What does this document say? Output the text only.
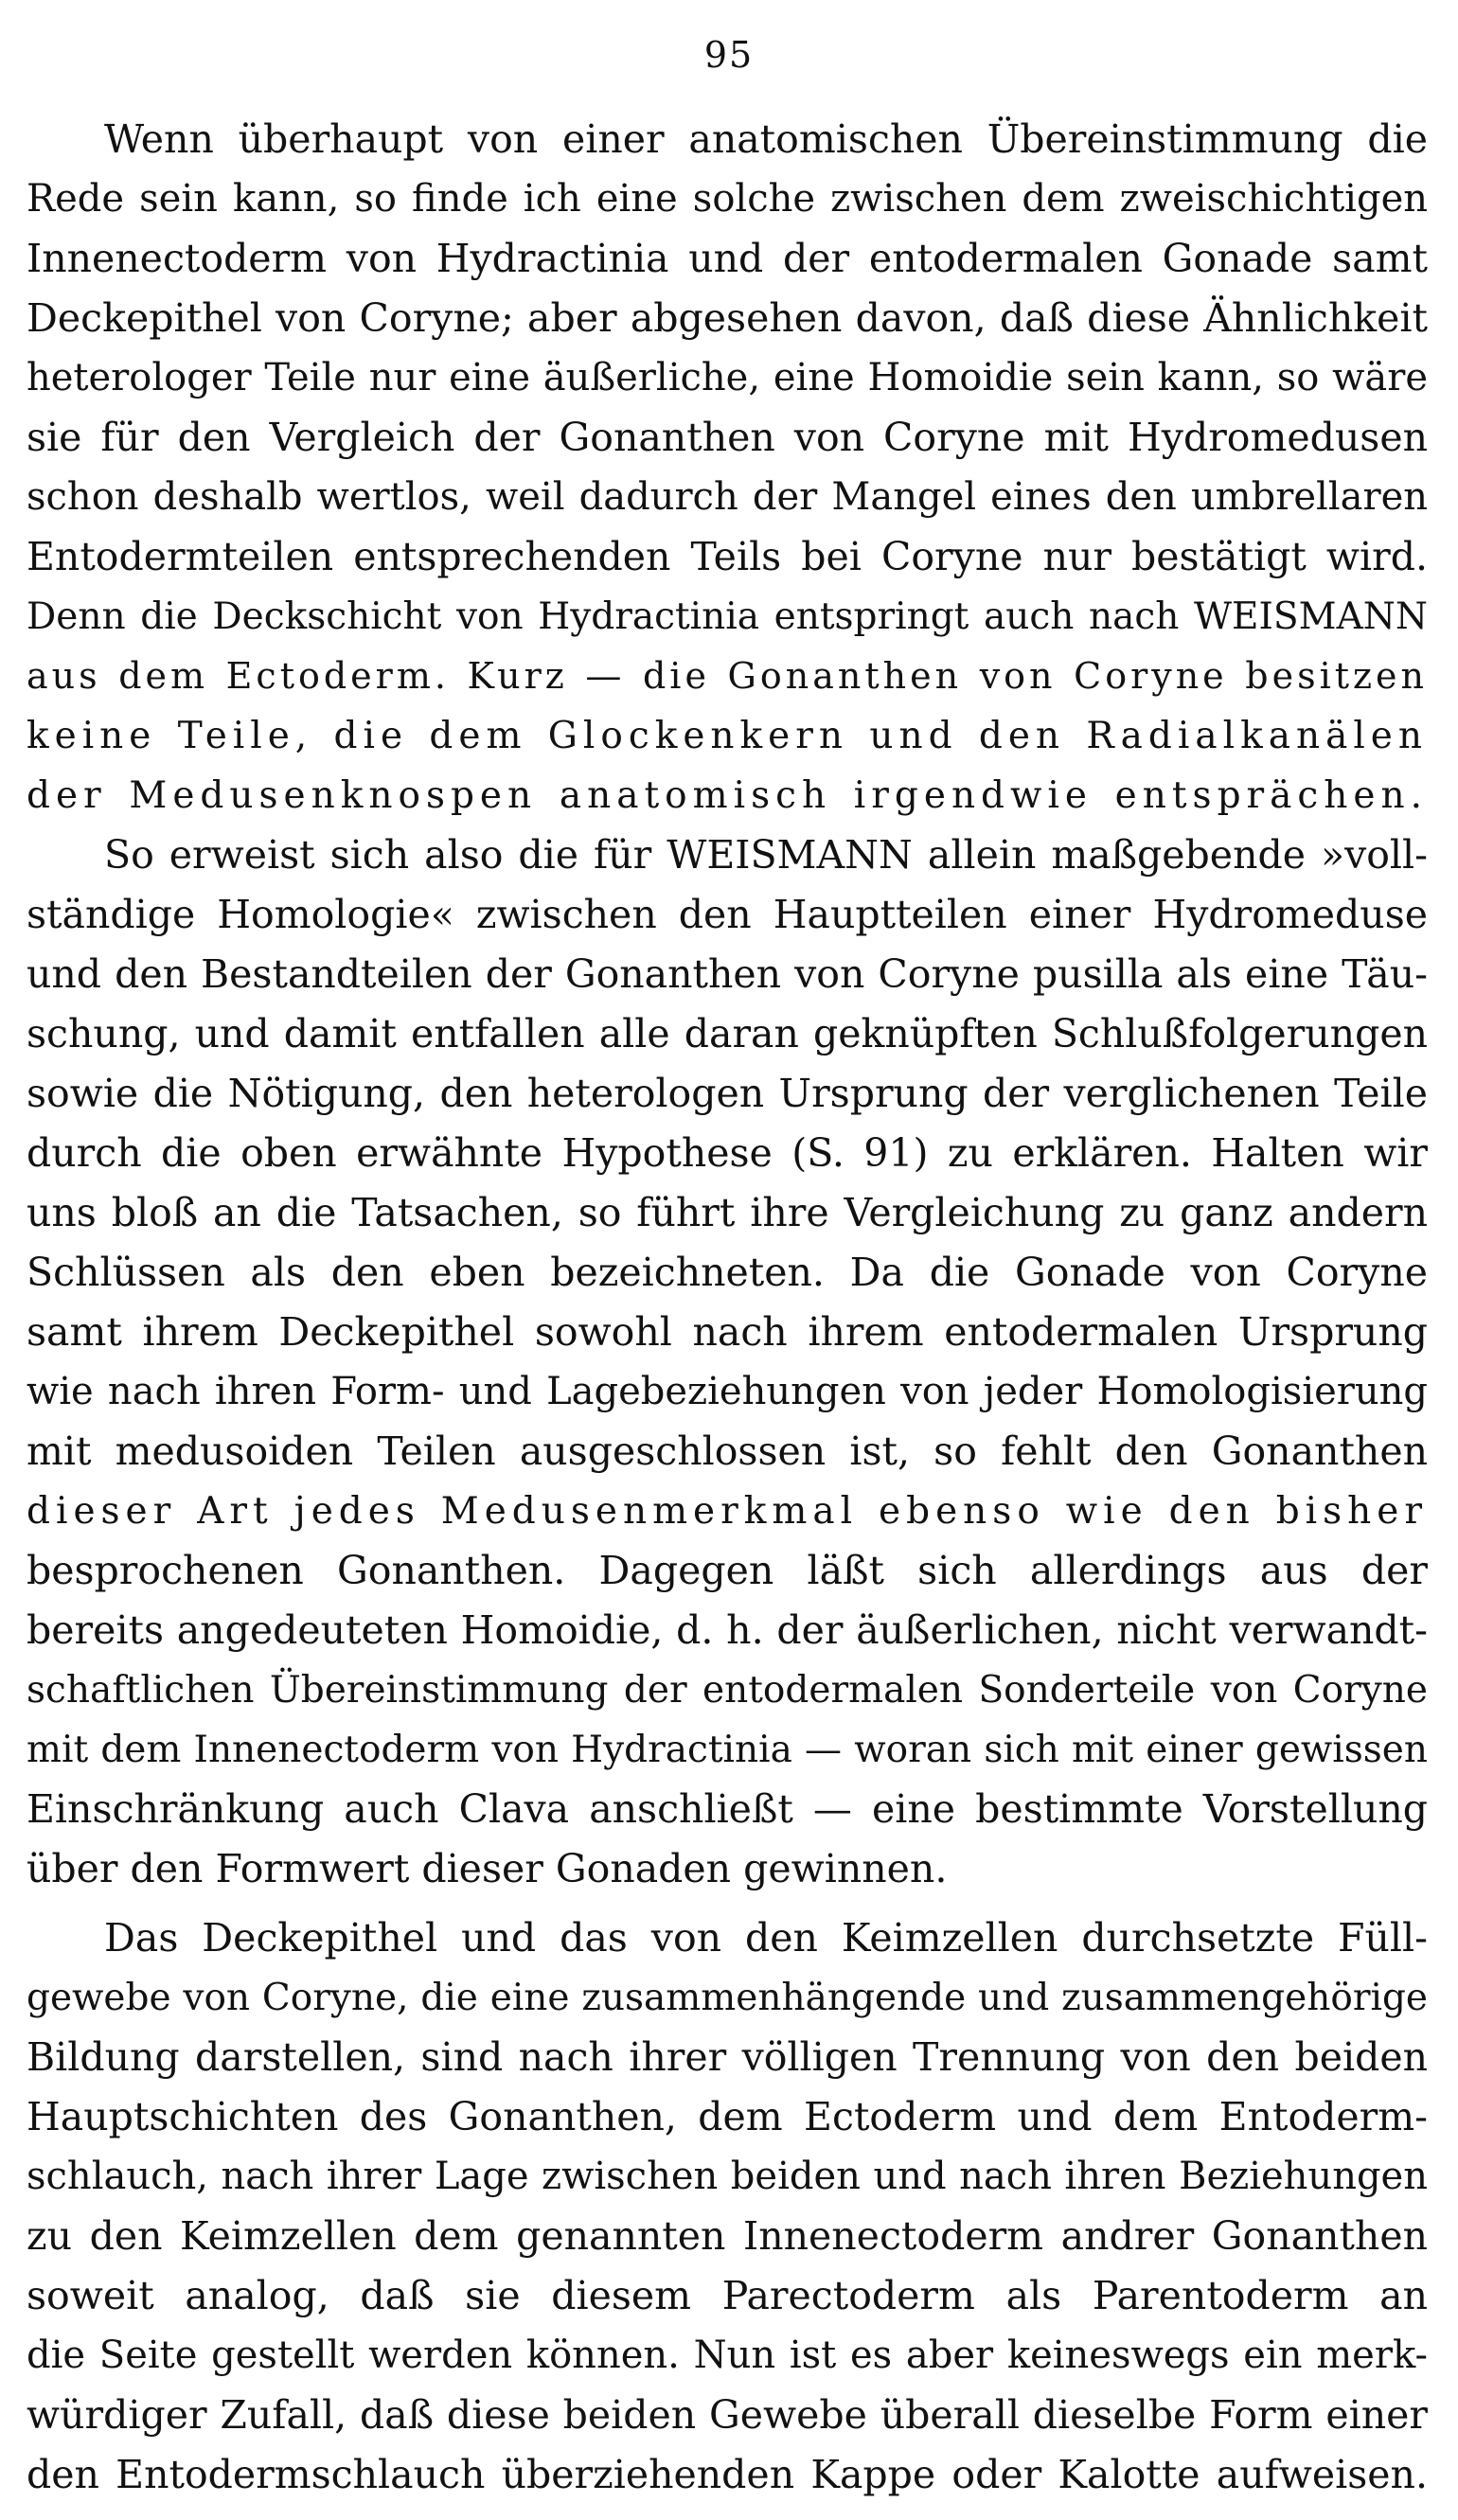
95
Wenn überhaupt von einer anatomischen Übereinstimmung die
Rede sein kann, so finde ich eine solche zwischen dem zweischichtigen
Innenectoderm von Hydractinia und der entodermalen Gonade samt
Deckepithel von Coryne; aber abgesehen davon, daß diese Ähnlichkeit
heterologer Teile nur eine äußerliche, eine Homoidie sein kann, so wäre
sie für den Vergleich der Gonanthen von Coryne mit Hydromedusen
schon deshalb wertlos, weil dadurch der Mangel eines den umbrellaren
Entodermteilen entsprechenden Teils bei Coryne nur bestätigt wird.
Denn die Deckschicht von Hydractinia entspringt auch nach WEISMANN
aus dem Ectoderm. Kurz — die Gonanthen von Coryne besitzen
keine Teile, die dem Glockenkern und den Radialkanälen
der Medusenknospen anatomisch irgendwie entsprächen.
So erweist sich also die für WEISMANN allein maßgebende »voll-
ständige Homologie« zwischen den Hauptteilen einer Hydromeduse
und den Bestandteilen der Gonanthen von Coryne pusilla als eine Täu-
schung, und damit entfallen alle daran geknüpften Schlußfolgerungen
sowie die Nötigung, den heterologen Ursprung der verglichenen Teile
durch die oben erwähnte Hypothese (S. 91) zu erklären. Halten wir
uns bloß an die Tatsachen, so führt ihre Vergleichung zu ganz andern
Schlüssen als den eben bezeichneten. Da die Gonade von Coryne
samt ihrem Deckepithel sowohl nach ihrem entodermalen Ursprung
wie nach ihren Form- und Lagebeziehungen von jeder Homologisierung
mit medusoiden Teilen ausgeschlossen ist, so fehlt den Gonanthen
dieser Art jedes Medusenmerkmal ebenso wie den bisher
besprochenen Gonanthen. Dagegen läßt sich allerdings aus der
bereits angedeuteten Homoidie, d. h. der äußerlichen, nicht verwandt-
schaftlichen Übereinstimmung der entodermalen Sonderteile von Coryne
mit dem Innenectoderm von Hydractinia — woran sich mit einer gewissen
Einschränkung auch Clava anschließt — eine bestimmte Vorstellung
über den Formwert dieser Gonaden gewinnen.
Das Deckepithel und das von den Keimzellen durchsetzte Füll-
gewebe von Coryne, die eine zusammenhängende und zusammengehörige
Bildung darstellen, sind nach ihrer völligen Trennung von den beiden
Hauptschichten des Gonanthen, dem Ectoderm und dem Entoderm-
schlauch, nach ihrer Lage zwischen beiden und nach ihren Beziehungen
zu den Keimzellen dem genannten Innenectoderm andrer Gonanthen
soweit analog, daß sie diesem Parectoderm als Parentoderm an
die Seite gestellt werden können. Nun ist es aber keineswegs ein merk-
würdiger Zufall, daß diese beiden Gewebe überall dieselbe Form einer
den Entodermschlauch überziehenden Kappe oder Kalotte aufweisen.
